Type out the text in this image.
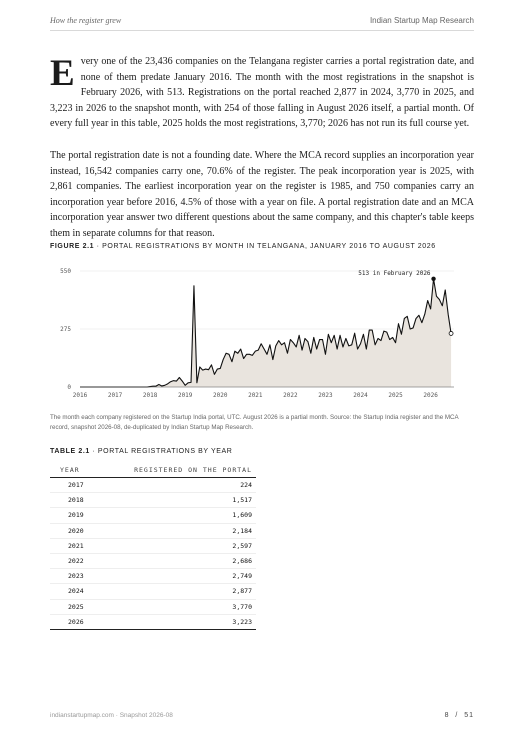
How the register grew	Indian Startup Map Research
Every one of the 23,436 companies on the Telangana register carries a portal registration date, and none of them predate January 2016. The month with the most registrations in the snapshot is February 2026, with 513. Registrations on the portal reached 2,877 in 2024, 3,770 in 2025, and 3,223 in 2026 to the snapshot month, with 254 of those falling in August 2026 itself, a partial month. Of every full year in this table, 2025 holds the most registrations, 3,770; 2026 has not run its full course yet.
The portal registration date is not a founding date. Where the MCA record supplies an incorporation year instead, 16,542 companies carry one, 70.6% of the register. The peak incorporation year is 2025, with 2,861 companies. The earliest incorporation year on the register is 1985, and 750 companies carry an incorporation year before 2016, 4.5% of those with a year on file. A portal registration date and an MCA incorporation year answer two different questions about the same company, and this chapter's table keeps them in separate columns for that reason.
FIGURE 2.1 · PORTAL REGISTRATIONS BY MONTH IN TELANGANA, JANUARY 2016 TO AUGUST 2026
550
275
0
2016	2017	2018	2019	2020	2021	2022	2023	2024	2025	2026
513 in February 2026
The month each company registered on the Startup India portal, UTC. August 2026 is a partial month. Source: the Startup India register and the MCA record, snapshot 2026-08, de-duplicated by Indian Startup Map Research.
TABLE 2.1 · PORTAL REGISTRATIONS BY YEAR
YEAR	REGISTERED ON THE PORTAL
2017	224
2018	1,517
2019	1,609
2020	2,184
2021	2,597
2022	2,686
2023	2,749
2024	2,877
2025	3,770
2026	3,223
indianstartupmap.com · Snapshot 2026-08	8 / 51
